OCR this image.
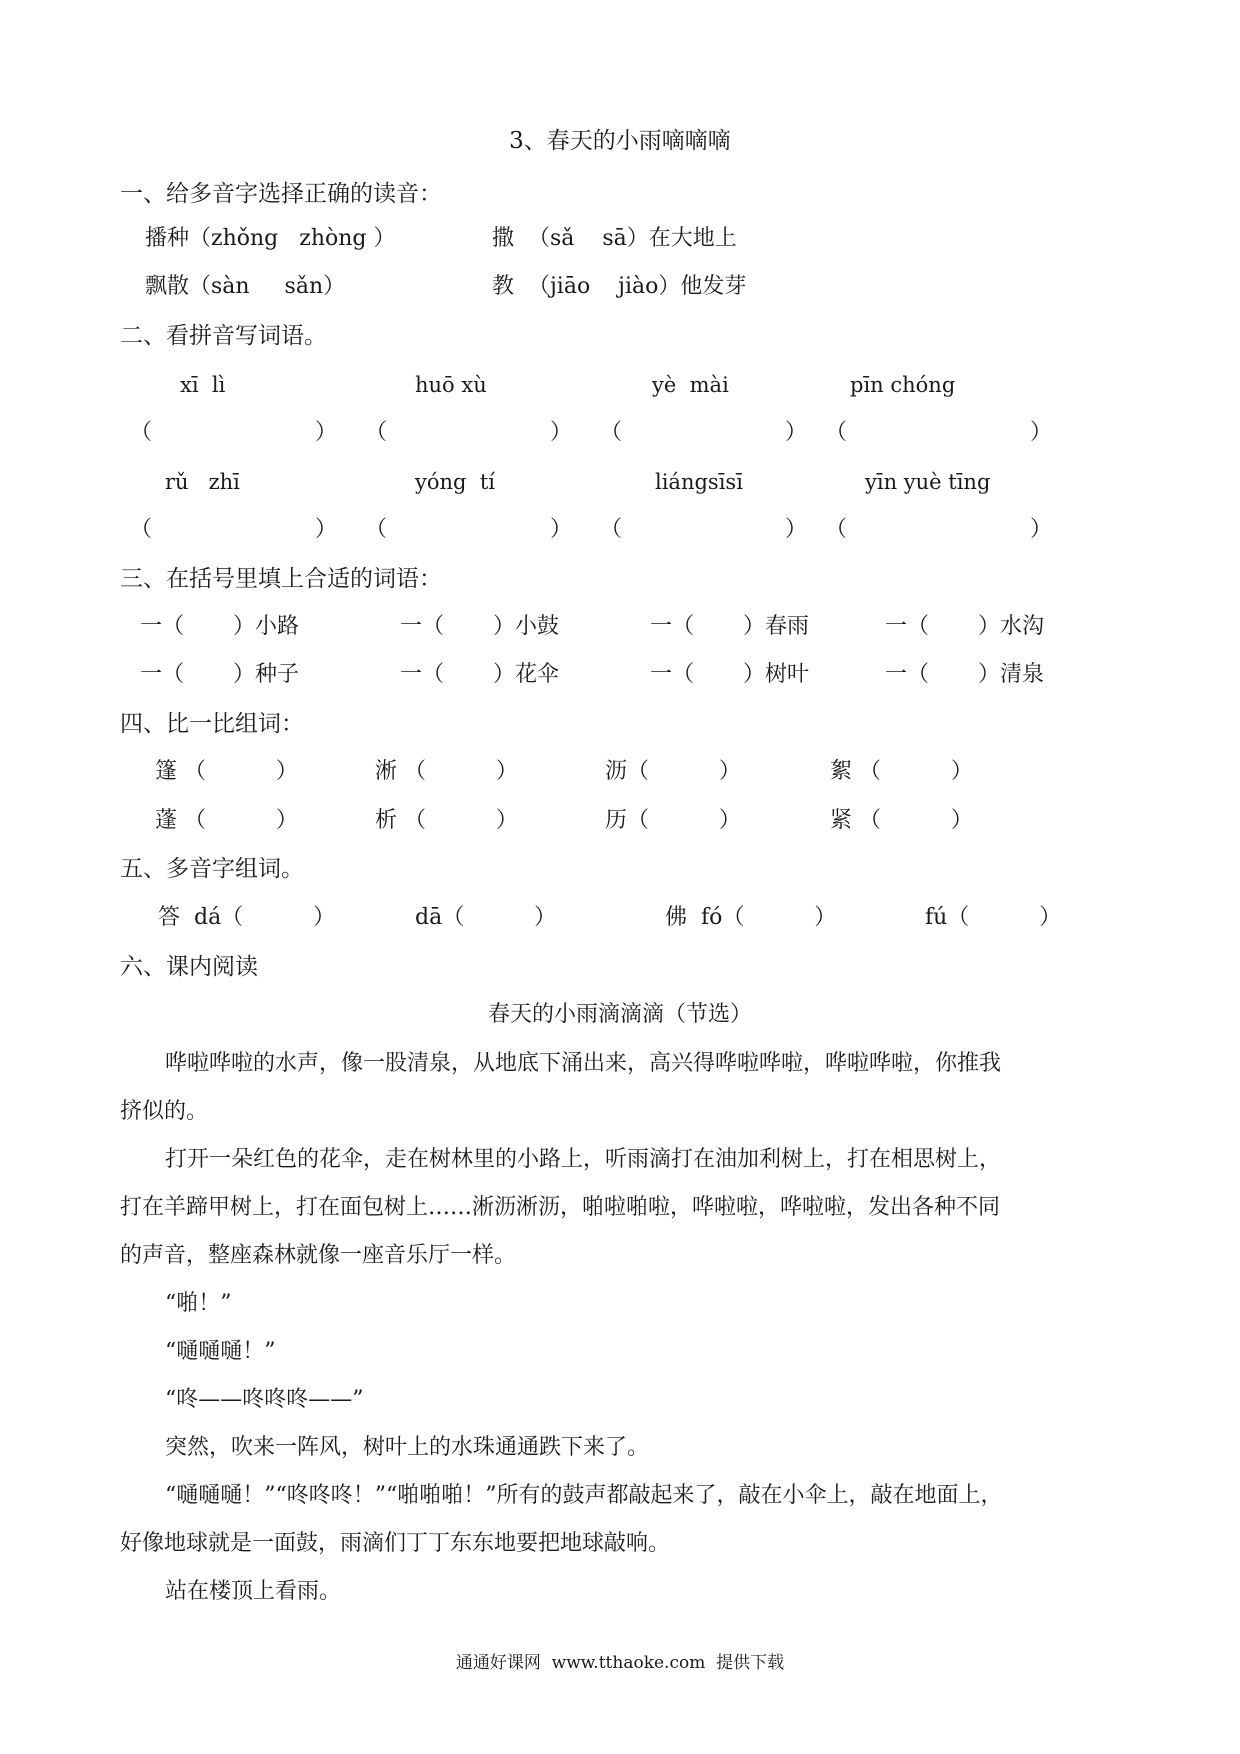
3、春天的小雨嘀嘀嘀
一、给多音字选择正确的读音：
播种（zhǒng   zhòng ）	撒  （sǎ    sā）在大地上
飘散（sàn     sǎn）	教  （jiāo    jiào）他发芽
二、看拼音写词语。
xī  lì	huō xù	yè  mài	pīn chóng
（	） （	） （	） （	）
rǔ   zhī	yóng  tí	liángsīsī	yīn yuè tīng
（	） （	） （	） （	）
三、在括号里填上合适的词语：
一（       ）小路	一（       ）小鼓	一（       ）春雨	一（       ）水沟
一（       ）种子	一（       ）花伞	一（       ）树叶	一（       ）清泉
四、比一比组词：
篷 （          ）	淅 （          ）	沥（          ）	絮 （          ）
蓬 （          ）	析 （          ）	历（          ）	紧 （          ）
五、多音字组词。
答  dá（          ）	dā（          ）	佛  fó（          ）	fú（          ）
六、课内阅读
春天的小雨滴滴滴（节选）
哗啦哗啦的水声，像一股清泉，从地底下涌出来，高兴得哗啦哗啦，哗啦哗啦，你推我
挤似的。
打开一朵红色的花伞，走在树林里的小路上，听雨滴打在油加利树上，打在相思树上，
打在羊蹄甲树上，打在面包树上……淅沥淅沥，啪啦啪啦，哗啦啦，哗啦啦，发出各种不同
的声音，整座森林就像一座音乐厅一样。
“啪！”
“嗵嗵嗵！”
“咚——咚咚咚——”
突然，吹来一阵风，树叶上的水珠通通跌下来了。
“嗵嗵嗵！”“咚咚咚！”“啪啪啪！”所有的鼓声都敲起来了，敲在小伞上，敲在地面上，
好像地球就是一面鼓，雨滴们丁丁东东地要把地球敲响。
站在楼顶上看雨。
通通好课网  www.tthaoke.com  提供下载
